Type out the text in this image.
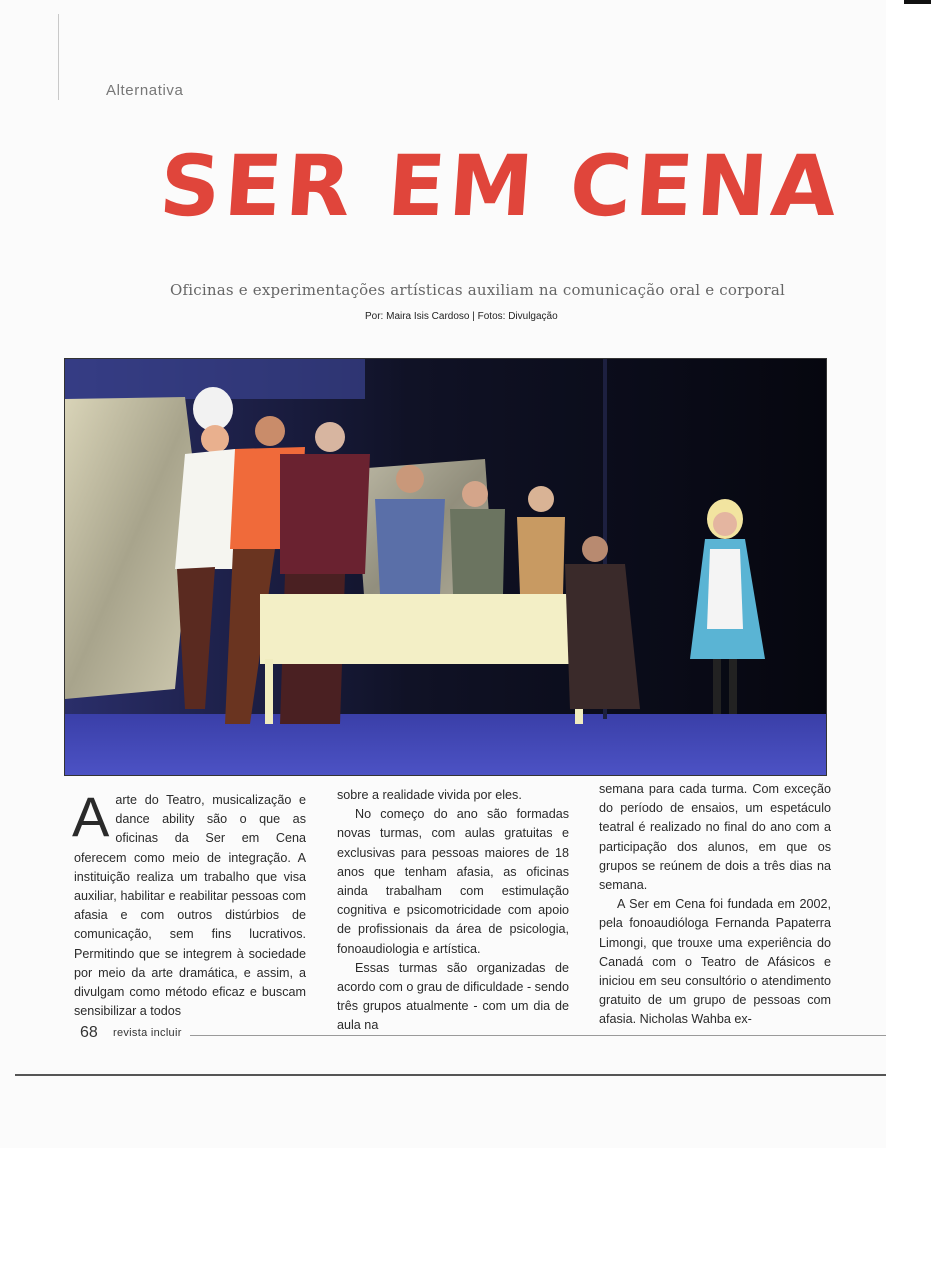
Alternativa
SER EM CENA
Oficinas e experimentações artísticas auxiliam na comunicação oral e corporal
Por: Maira Isis Cardoso | Fotos: Divulgação

A arte do Teatro, musicalização e dance ability são o que as oficinas da Ser em Cena oferecem como meio de integração. A instituição realiza um trabalho que visa auxiliar, habilitar e reabilitar pessoas com afasia e com outros distúrbios de comunicação, sem fins lucrativos. Permitindo que se integrem à sociedade por meio da arte dramática, e assim, a divulgam como método eficaz e buscam sensibilizar a todos

sobre a realidade vivida por eles.

No começo do ano são formadas novas turmas, com aulas gratuitas e exclusivas para pessoas maiores de 18 anos que tenham afasia, as oficinas ainda trabalham com estimulação cognitiva e psicomotricidade com apoio de profissionais da área de psicologia, fonoaudiologia e artística.

Essas turmas são organizadas de acordo com o grau de dificuldade - sendo três grupos atualmente - com um dia de aula na

semana para cada turma. Com exceção do período de ensaios, um espetáculo teatral é realizado no final do ano com a participação dos alunos, em que os grupos se reúnem de dois a três dias na semana.

A Ser em Cena foi fundada em 2002, pela fonoaudióloga Fernanda Papaterra Limongi, que trouxe uma experiência do Canadá com o Teatro de Afásicos e iniciou em seu consultório o atendimento gratuito de um grupo de pessoas com afasia. Nicholas Wahba ex-

68 revista incluir
